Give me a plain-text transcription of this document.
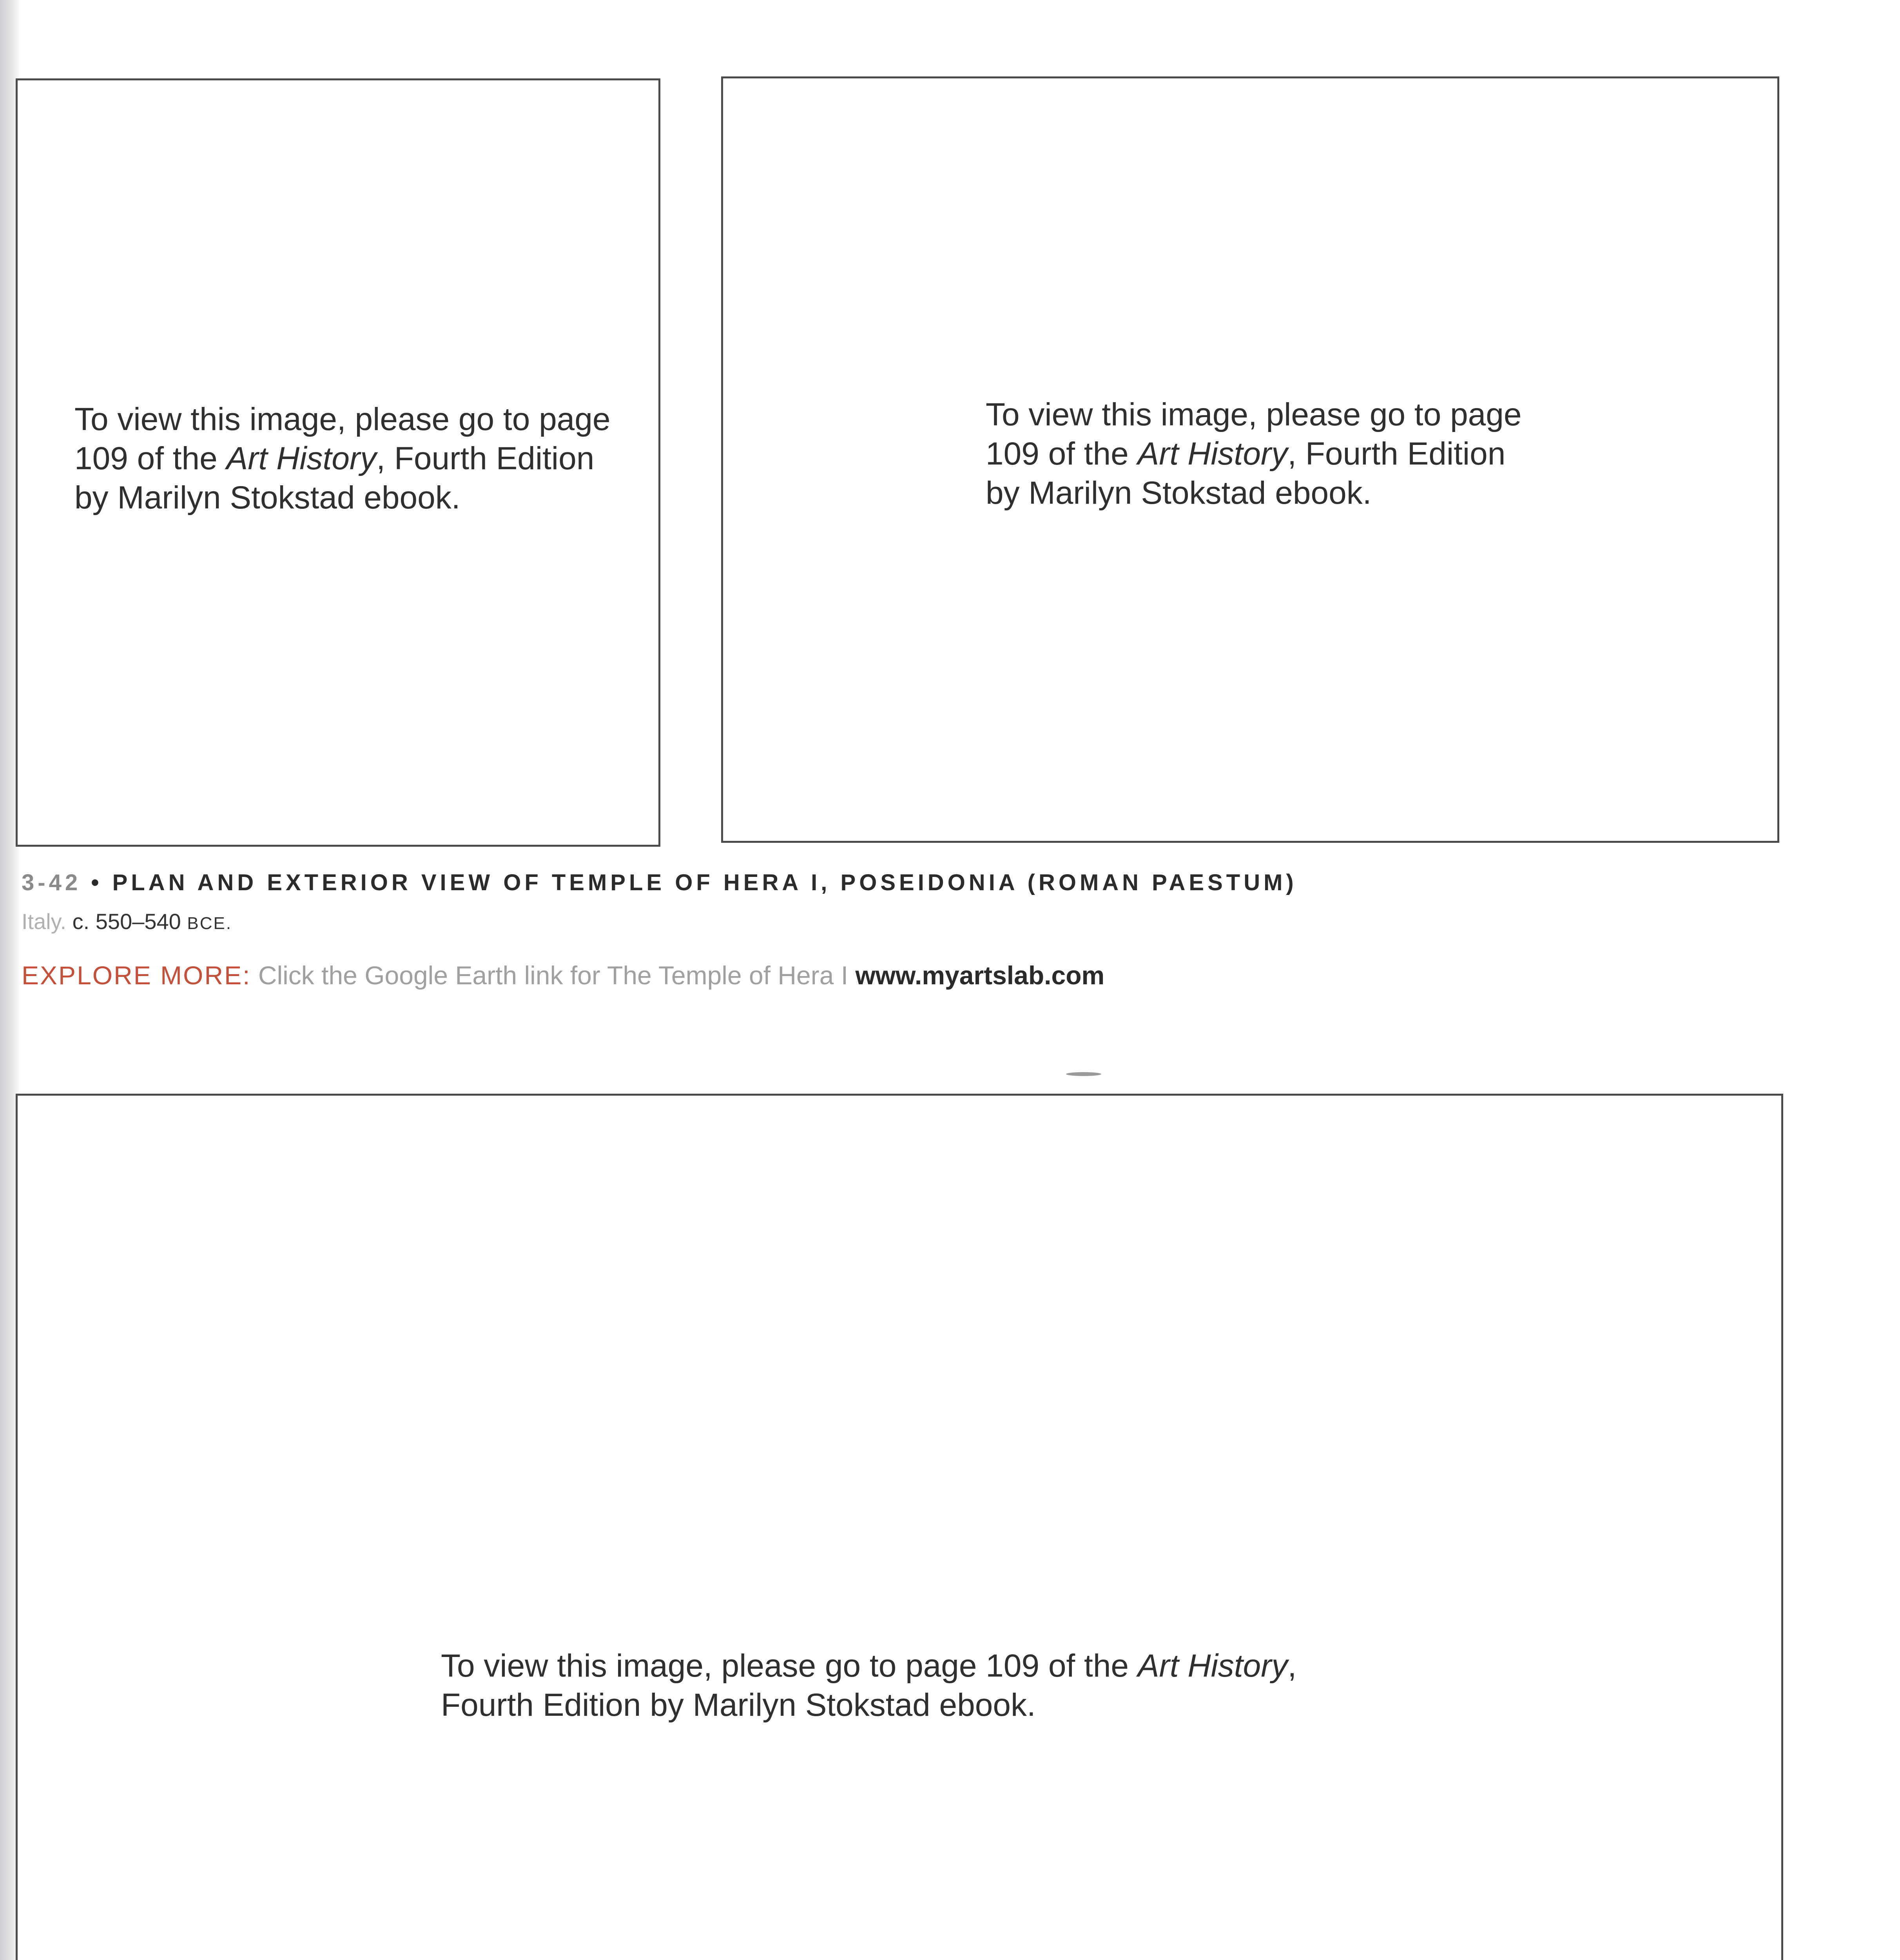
To view this image, please go to page 109 of the Art History, Fourth Edition by Marilyn Stokstad ebook.
To view this image, please go to page 109 of the Art History, Fourth Edition by Marilyn Stokstad ebook.
3-42 • PLAN AND EXTERIOR VIEW OF TEMPLE OF HERA I, POSEIDONIA (ROMAN PAESTUM)
Italy. c. 550–540 BCE.
EXPLORE MORE: Click the Google Earth link for The Temple of Hera I www.myartslab.com
To view this image, please go to page 109 of the Art History, Fourth Edition by Marilyn Stokstad ebook.
